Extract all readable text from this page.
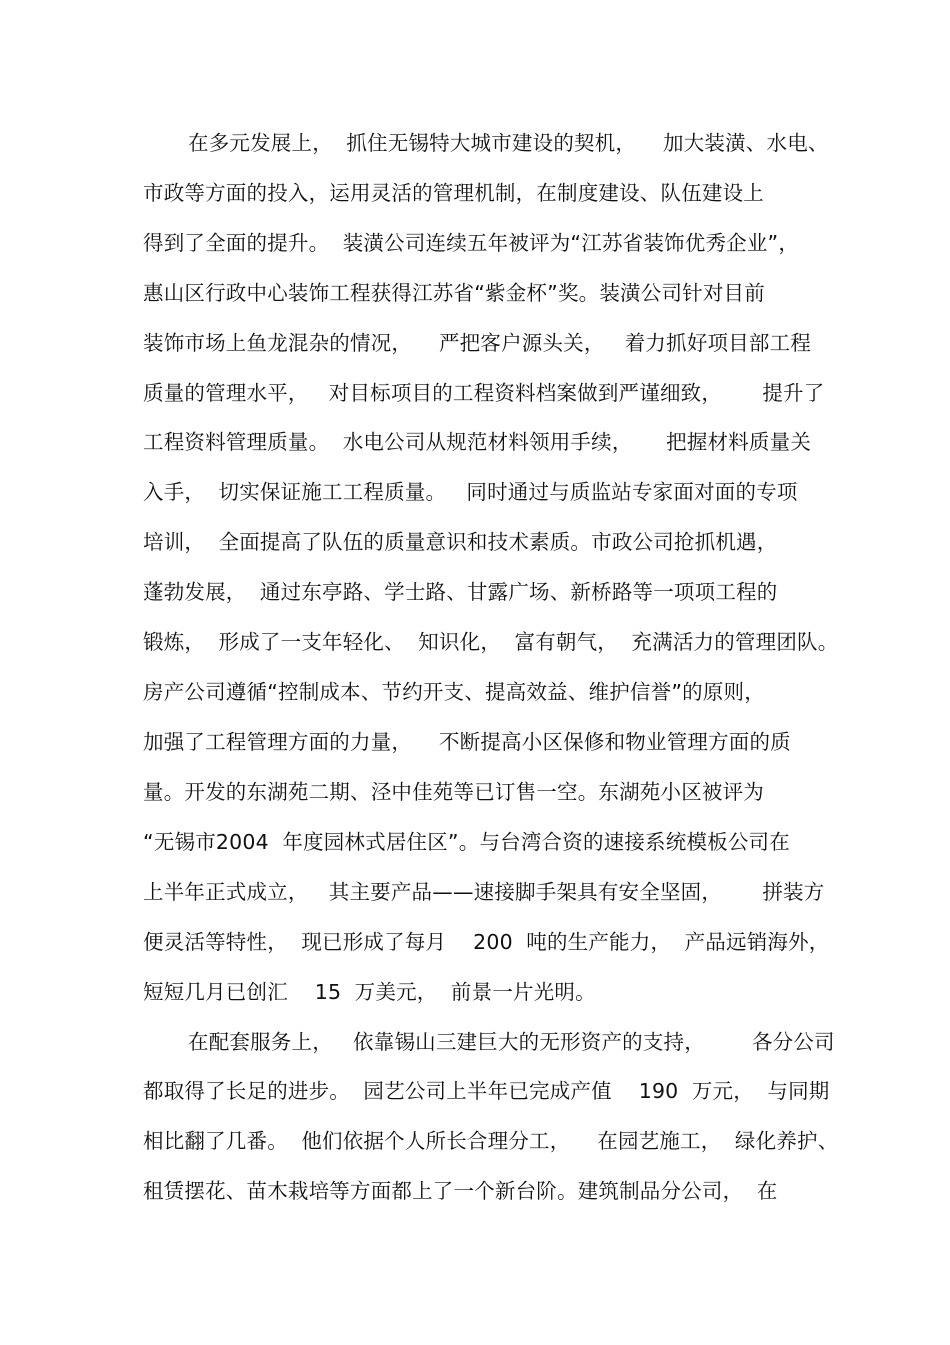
在多元发展上，  抓住无锡特大城市建设的契机，    加大装潢、水电、
市政等方面的投入，运用灵活的管理机制，在制度建设、队伍建设上
得到了全面的提升。  装潢公司连续五年被评为“江苏省装饰优秀企业”，
惠山区行政中心装饰工程获得江苏省“紫金杯”奖。装潢公司针对目前
装饰市场上鱼龙混杂的情况，    严把客户源头关，   着力抓好项目部工程
质量的管理水平，   对目标项目的工程资料档案做到严谨细致，      提升了
工程资料管理质量。  水电公司从规范材料领用手续，     把握材料质量关
入手，  切实保证施工工程质量。   同时通过与质监站专家面对面的专项
培训，  全面提高了队伍的质量意识和技术素质。市政公司抢抓机遇，
蓬勃发展，  通过东亭路、学士路、甘露广场、新桥路等一项项工程的
锻炼，  形成了一支年轻化、  知识化，  富有朝气，  充满活力的管理团队。
房产公司遵循“控制成本、节约开支、提高效益、维护信誉”的原则，
加强了工程管理方面的力量，    不断提高小区保修和物业管理方面的质
量。开发的东湖苑二期、泾中佳苑等已订售一空。东湖苑小区被评为
“无锡市2004  年度园林式居住区”。与台湾合资的速接系统模板公司在
上半年正式成立，   其主要产品——速接脚手架具有安全坚固，      拼装方
便灵活等特性，  现已形成了每月    200  吨的生产能力，  产品远销海外，
短短几月已创汇    15  万美元，  前景一片光明。
在配套服务上，   依靠锡山三建巨大的无形资产的支持，       各分公司
都取得了长足的进步。  园艺公司上半年已完成产值    190  万元，  与同期
相比翻了几番。  他们依据个人所长合理分工，    在园艺施工，  绿化养护、
租赁摆花、苗木栽培等方面都上了一个新台阶。建筑制品分公司，  在
